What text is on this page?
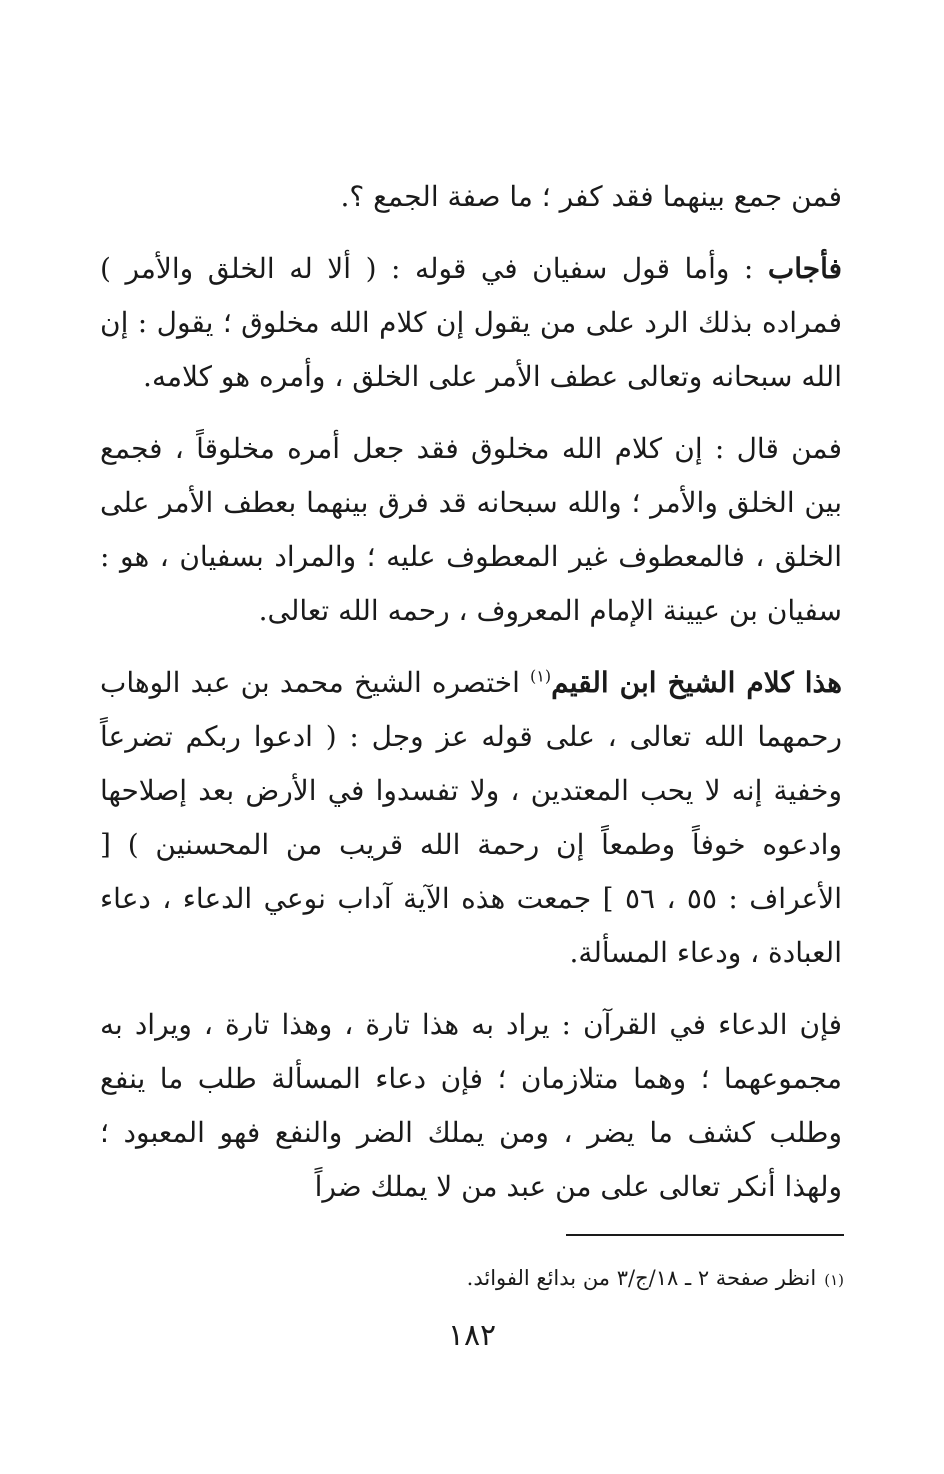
فمن جمع بينهما فقد كفر ؛ ما صفة الجمع ؟.

فأجاب : وأما قول سفيان في قوله : ( ألا له الخلق والأمر ) فمراده بذلك الرد على من يقول إن كلام الله مخلوق ؛ يقول : إن الله سبحانه وتعالى عطف الأمر على الخلق ، وأمره هو كلامه.

فمن قال : إن كلام الله مخلوق فقد جعل أمره مخلوقاً ، فجمع بين الخلق والأمر ؛ والله سبحانه قد فرق بينهما بعطف الأمر على الخلق ، فالمعطوف غير المعطوف عليه ؛ والمراد بسفيان ، هو : سفيان بن عيينة الإمام المعروف ، رحمه الله تعالى.

هذا كلام الشيخ ابن القيم$^{(١)}$ اختصره الشيخ محمد بن عبد الوهاب رحمهما الله تعالى ، على قوله عز وجل : ( ادعوا ربكم تضرعاً وخفية إنه لا يحب المعتدين ، ولا تفسدوا في الأرض بعد إصلاحها وادعوه خوفاً وطمعاً إن رحمة الله قريب من المحسنين ) [ الأعراف : ٥٥ ، ٥٦ ] جمعت هذه الآية آداب نوعي الدعاء ، دعاء العبادة ، ودعاء المسألة.

فإن الدعاء في القرآن : يراد به هذا تارة ، وهذا تارة ، ويراد به مجموعهما ؛ وهما متلازمان ؛ فإن دعاء المسألة طلب ما ينفع وطلب كشف ما يضر ، ومن يملك الضر والنفع فهو المعبود ؛ ولهذا أنكر تعالى على من عبد من لا يملك ضراً

(١)انظر صفحة ٢ ـ ١٨/ج/٣ من بدائع الفوائد.
١٨٢
